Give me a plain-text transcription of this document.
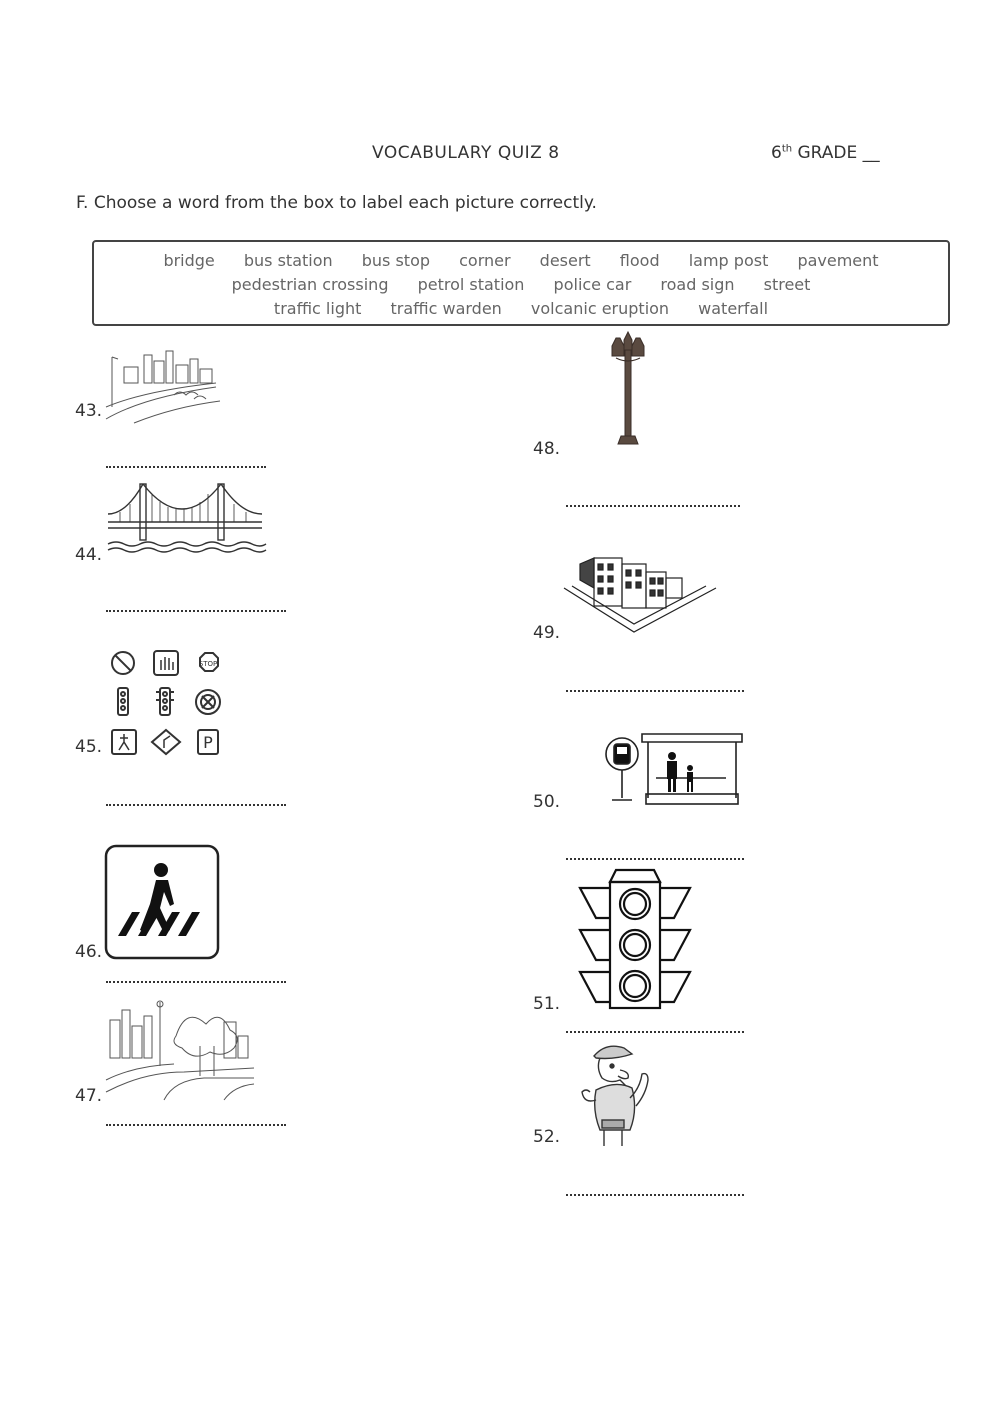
VOCABULARY QUIZ 8	6th GRADE __
F. Choose a word from the box to label each picture correctly.
bridge bus station bus stop corner desert flood lamp post pavement
pedestrian crossing petrol station police car road sign street
traffic light traffic warden volcanic eruption waterfall
43.
44.
STOP
P
45.
46.
47.
48.
49.
50.
51.
52.
